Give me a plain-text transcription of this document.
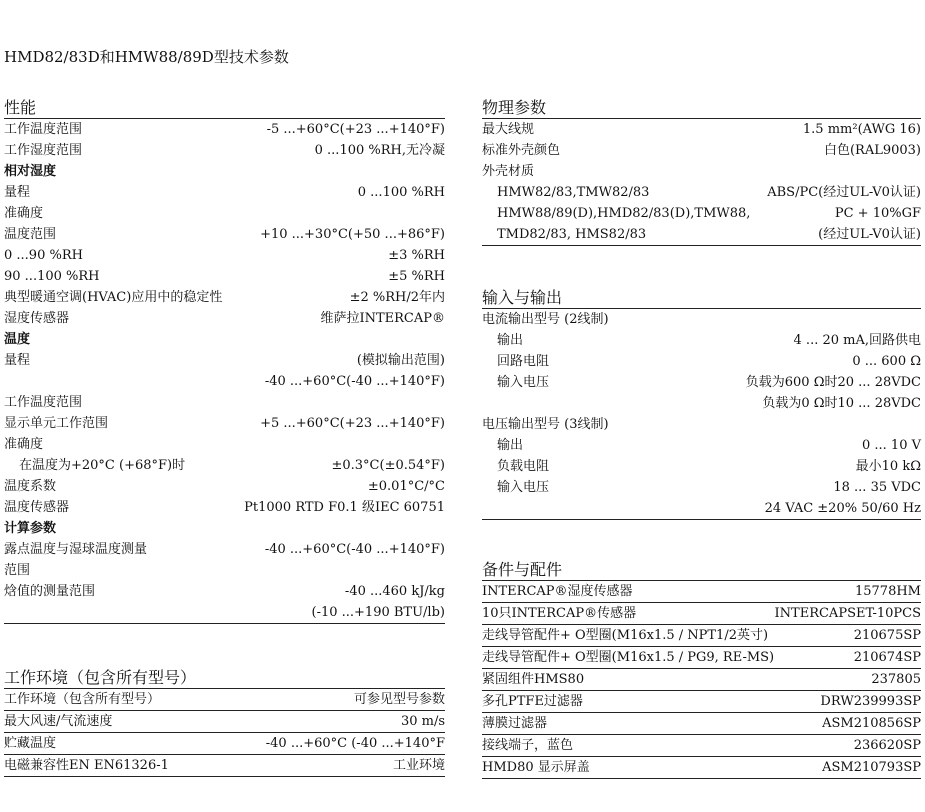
HMD82/83D和HMW88/89D型技术参数
性能
工作温度范围	-5 ...+60°C(+23 ...+140°F)
工作湿度范围	0 ...100 %RH,无冷凝
相对湿度
量程	0 ...100 %RH
准确度
温度范围	+10 ...+30°C(+50 ...+86°F)
0 ...90 %RH	±3 %RH
90 ...100 %RH	±5 %RH
典型暖通空调(HVAC)应用中的稳定性	±2 %RH/2年内
湿度传感器	维萨拉INTERCAP®
温度
量程	(模拟输出范围)
-40 ...+60°C(-40 ...+140°F)
工作温度范围
显示单元工作范围	+5 ...+60°C(+23 ...+140°F)
准确度
在温度为+20°C (+68°F)时	±0.3°C(±0.54°F)
温度系数	±0.01°C/°C
温度传感器	Pt1000 RTD F0.1 级IEC 60751
计算参数
露点温度与湿球温度测量	-40 ...+60°C(-40 ...+140°F)
范围
焓值的测量范围	-40 ...460 kJ/kg
(-10 ...+190 BTU/lb)
工作环境（包含所有型号）
工作环境（包含所有型号）	可参见型号参数
最大风速/气流速度	30 m/s
贮藏温度	-40 ...+60°C (-40 ...+140°F
电磁兼容性EN EN61326-1	工业环境
物理参数
最大线规	1.5 mm²(AWG 16)
标准外壳颜色	白色(RAL9003)
外壳材质
HMW82/83,TMW82/83	ABS/PC(经过UL-V0认证)
HMW88/89(D),HMD82/83(D),TMW88,	PC + 10%GF
TMD82/83, HMS82/83	(经过UL-V0认证)
输入与输出
电流输出型号 (2线制)
输出	4 ... 20 mA,回路供电
回路电阻	0 ... 600 Ω
输入电压	负载为600 Ω时20 ... 28VDC
负载为0 Ω时10 ... 28VDC
电压输出型号 (3线制)
输出	0 ... 10 V
负载电阻	最小10 kΩ
输入电压	18 ... 35 VDC
24 VAC ±20% 50/60 Hz
备件与配件
INTERCAP®湿度传感器	15778HM
10只INTERCAP®传感器	INTERCAPSET-10PCS
走线导管配件+ O型圈(M16x1.5 / NPT1/2英寸)	210675SP
走线导管配件+ O型圈(M16x1.5 / PG9, RE-MS)	210674SP
紧固组件HMS80	237805
多孔PTFE过滤器	DRW239993SP
薄膜过滤器	ASM210856SP
接线端子，蓝色	236620SP
HMD80 显示屏盖	ASM210793SP
